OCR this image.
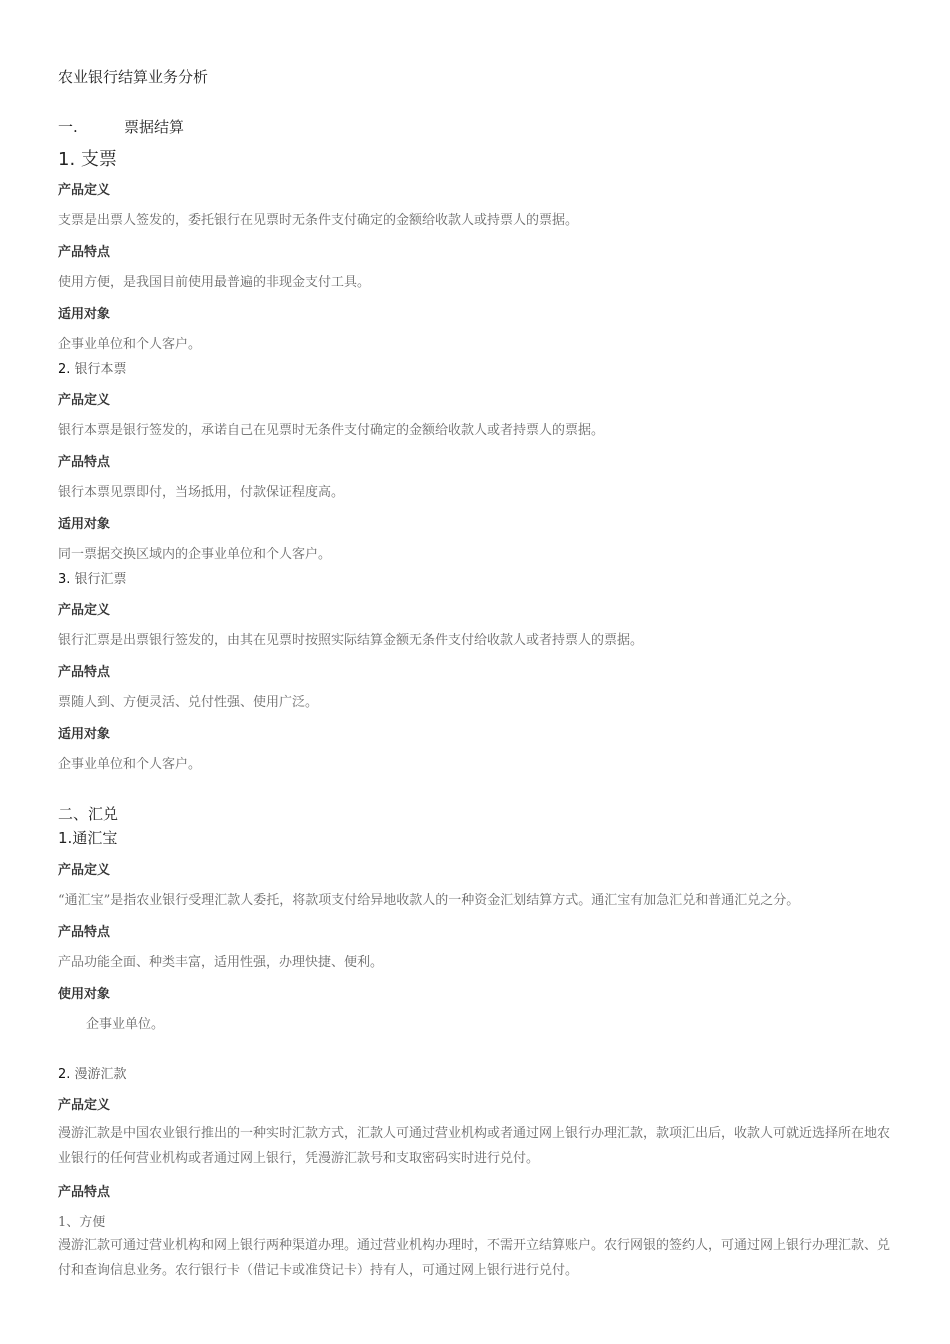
农业银行结算业务分析
一.	票据结算
1. 支票
产品定义
支票是出票人签发的，委托银行在见票时无条件支付确定的金额给收款人或持票人的票据。
产品特点
使用方便，是我国目前使用最普遍的非现金支付工具。
适用对象
企事业单位和个人客户。
2. 银行本票
产品定义
银行本票是银行签发的，承诺自己在见票时无条件支付确定的金额给收款人或者持票人的票据。
产品特点
银行本票见票即付，当场抵用，付款保证程度高。
适用对象
同一票据交换区域内的企事业单位和个人客户。
3. 银行汇票
产品定义
银行汇票是出票银行签发的，由其在见票时按照实际结算金额无条件支付给收款人或者持票人的票据。
产品特点
票随人到、方便灵活、兑付性强、使用广泛。
适用对象
企事业单位和个人客户。
二、汇兑
1.通汇宝
产品定义
“通汇宝”是指农业银行受理汇款人委托，将款项支付给异地收款人的一种资金汇划结算方式。通汇宝有加急汇兑和普通汇兑之分。
产品特点
产品功能全面、种类丰富，适用性强，办理快捷、便利。
使用对象
企事业单位。
2. 漫游汇款
产品定义
漫游汇款是中国农业银行推出的一种实时汇款方式，汇款人可通过营业机构或者通过网上银行办理汇款，款项汇出后，收款人可就近选择所在地农业银行的任何营业机构或者通过网上银行，凭漫游汇款号和支取密码实时进行兑付。
产品特点
1、方便
漫游汇款可通过营业机构和网上银行两种渠道办理。通过营业机构办理时，不需开立结算账户。农行网银的签约人，可通过网上银行办理汇款、兑付和查询信息业务。农行银行卡（借记卡或准贷记卡）持有人，可通过网上银行进行兑付。
